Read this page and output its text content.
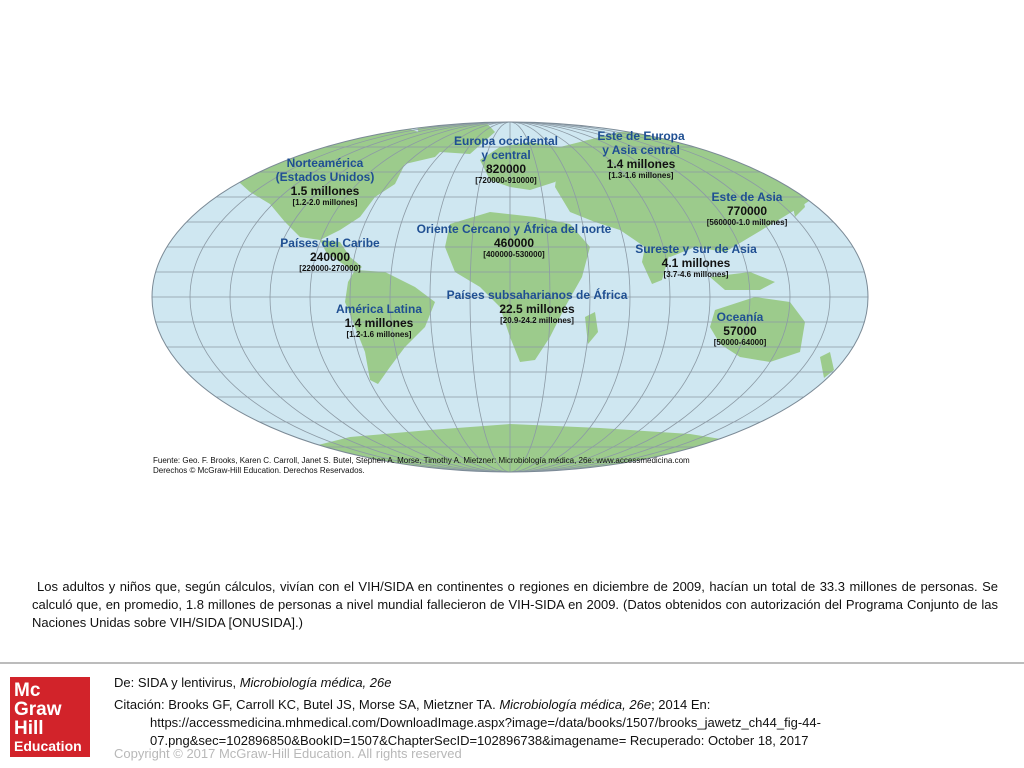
Norteamérica
(Estados Unidos)
1.5 millones
[1.2-2.0 millones]
Europa occidental
y central
820000
[720000-910000]
Este de Europa
y Asia central
1.4 millones
[1.3-1.6 millones]
Este de Asia
770000
[560000-1.0 millones]
Países del Caribe
240000
[220000-270000]
Oriente Cercano y África del norte
460000
[400000-530000]	Sureste y sur de Asia
4.1 millones
[3.7-4.6 millones]
América Latina
1.4 millones
[1.2-1.6 millones]
Países subsaharianos de África
22.5 millones
[20.9-24.2 millones]	Oceanía
57000
[50000-64000]
Fuente: Geo. F. Brooks, Karen C. Carroll, Janet S. Butel, Stephen A. Morse, Timothy A. Mietzner: Microbiología médica, 26e: www.accessmedicina.com
Derechos © McGraw-Hill Education. Derechos Reservados.
Los adultos y niños que, según cálculos, vivían con el VIH/SIDA en continentes o regiones en diciembre de 2009, hacían un total de 33.3 millones de personas. Se calculó que, en promedio, 1.8 millones de personas a nivel mundial fallecieron de VIH-SIDA en 2009. (Datos obtenidos con autorización del Programa Conjunto de las Naciones Unidas sobre VIH/SIDA [ONUSIDA].)
Mc
Graw
Hill
Education
De: SIDA y lentivirus, Microbiología médica, 26e
Citación: Brooks GF, Carroll KC, Butel JS, Morse SA, Mietzner TA. Microbiología médica, 26e; 2014 En:
https://accessmedicina.mhmedical.com/DownloadImage.aspx?image=/data/books/1507/brooks_jawetz_ch44_fig-44-
07.png&sec=102896850&BookID=1507&ChapterSecID=102896738&imagename= Recuperado: October 18, 2017
Copyright © 2017 McGraw-Hill Education. All rights reserved
